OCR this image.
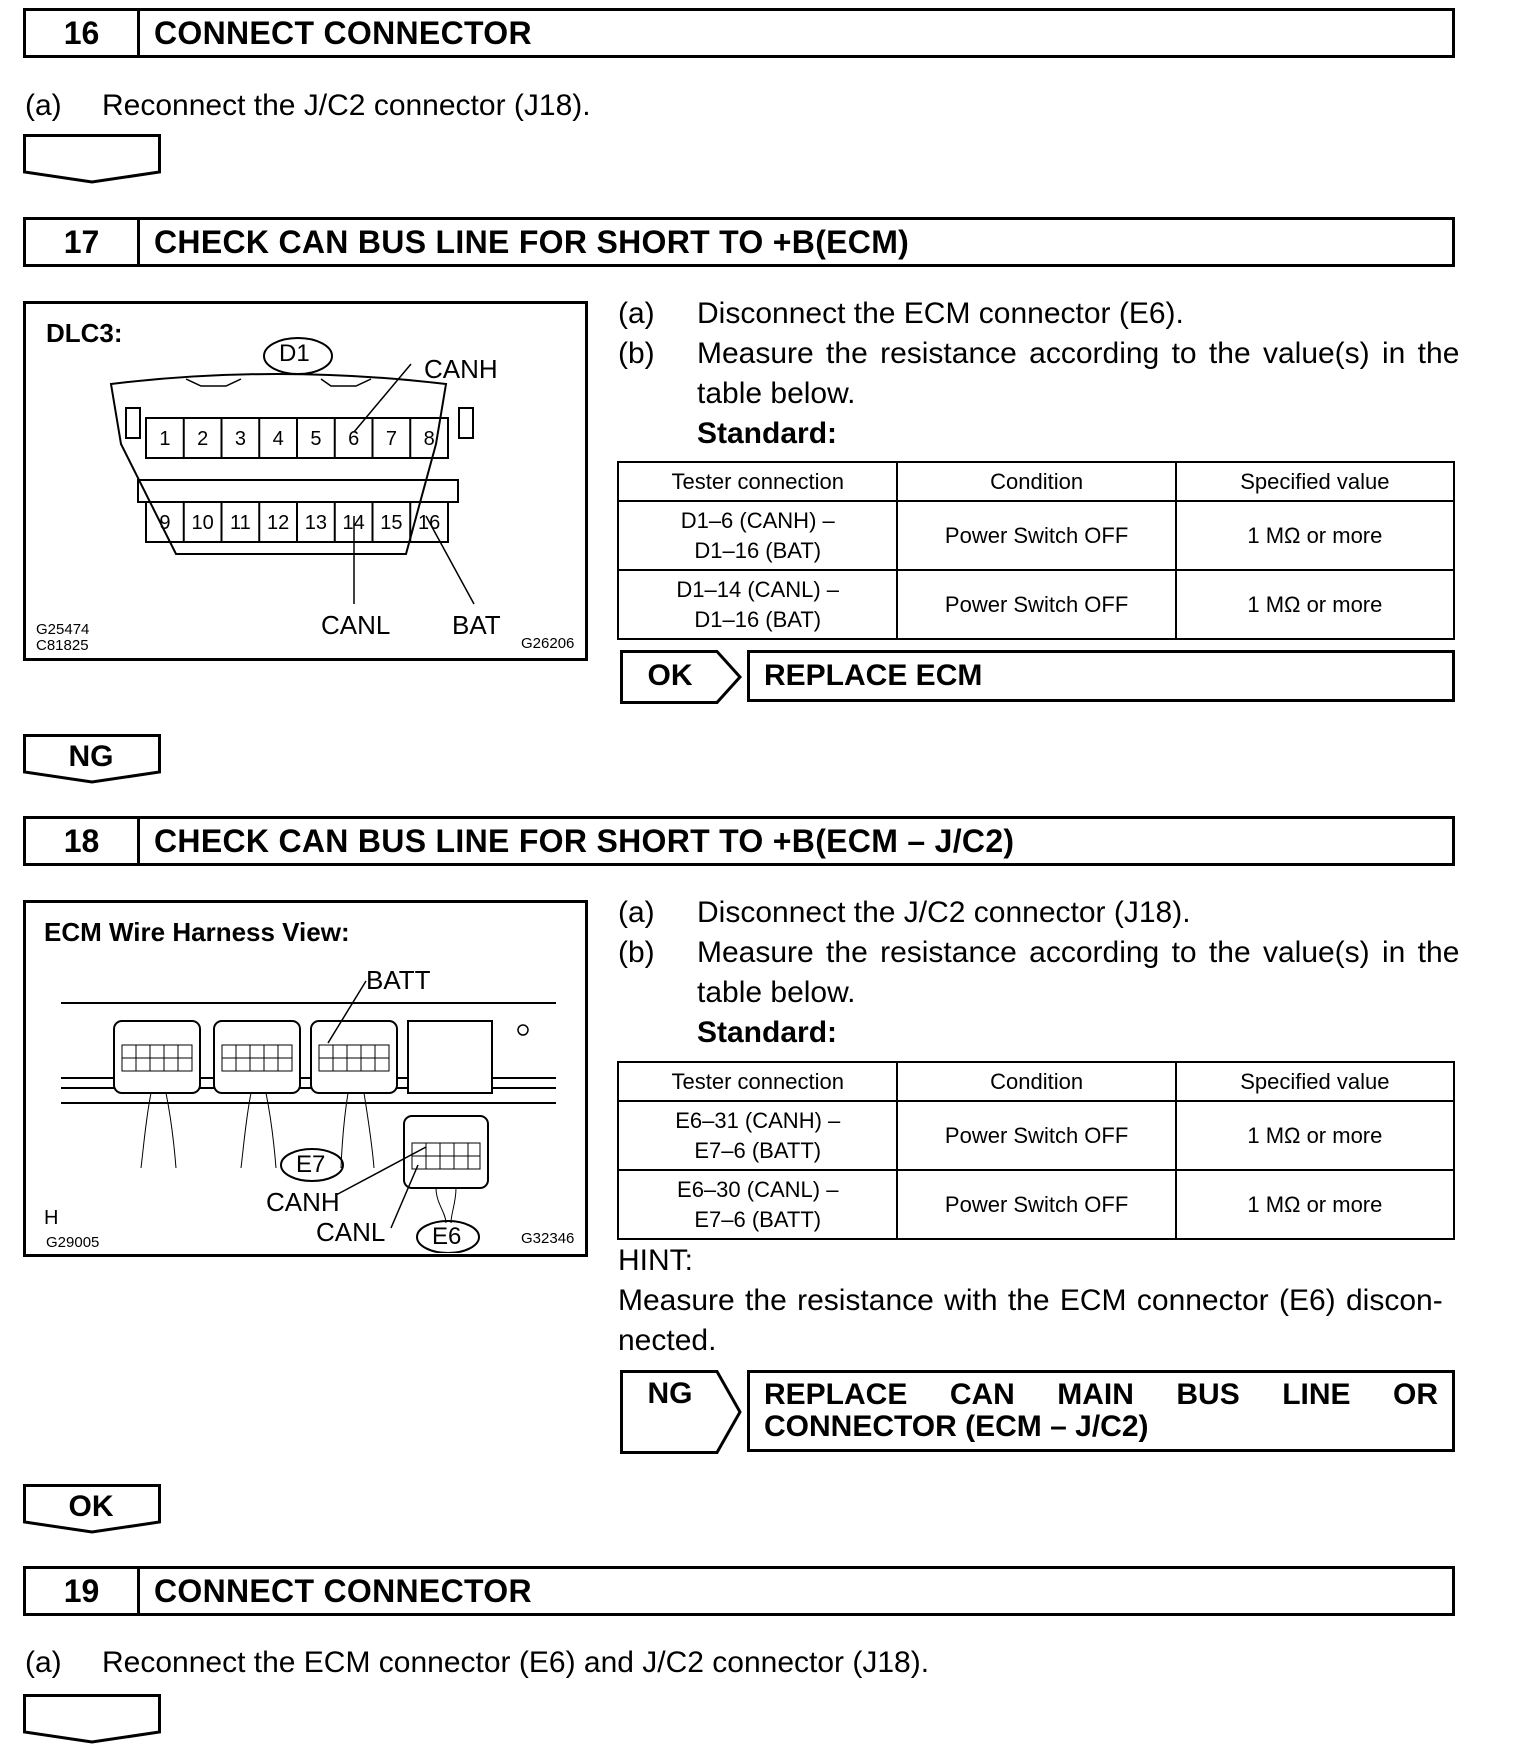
16	CONNECT CONNECTOR
(a) Reconnect the J/C2 connector (J18).
17	CHECK CAN BUS LINE FOR SHORT TO +B(ECM)
DLC3:
D1
CANH
1	2	3	4	5	6	7	8
9	10 11 12 13 14 15 16
CANL BAT
G25474
C81825	G26206
(a) Disconnect the ECM connector (E6).
(b) Measure the resistance according to the value(s) in the
table below.
Standard:
Tester connection	Condition	Specified value

D1–6 (CANH) –
D1–16 (BAT)	Power Switch OFF	1 MΩ or more

D1–14 (CANL) –
D1–16 (BAT)	Power Switch OFF	1 MΩ or more
OK	REPLACE ECM
NG
18	CHECK CAN BUS LINE FOR SHORT TO +B(ECM – J/C2)
ECM Wire Harness View:
BATT
E7
CANH
CANL E6
H
G29005	G32346
(a) Disconnect the J/C2 connector (J18).
(b) Measure the resistance according to the value(s) in the
table below.
Standard:
Tester connection	Condition	Specified value

E6–31 (CANH) –
E7–6 (BATT)	Power Switch OFF	1 MΩ or more

E6–30 (CANL) –
E7–6 (BATT)	Power Switch OFF	1 MΩ or more
HINT:
Measure the resistance with the ECM connector (E6) discon-
nected.
NG	REPLACE CAN MAIN BUS LINE OR
CONNECTOR (ECM – J/C2)
OK
19	CONNECT CONNECTOR
(a) Reconnect the ECM connector (E6) and J/C2 connector (J18).
